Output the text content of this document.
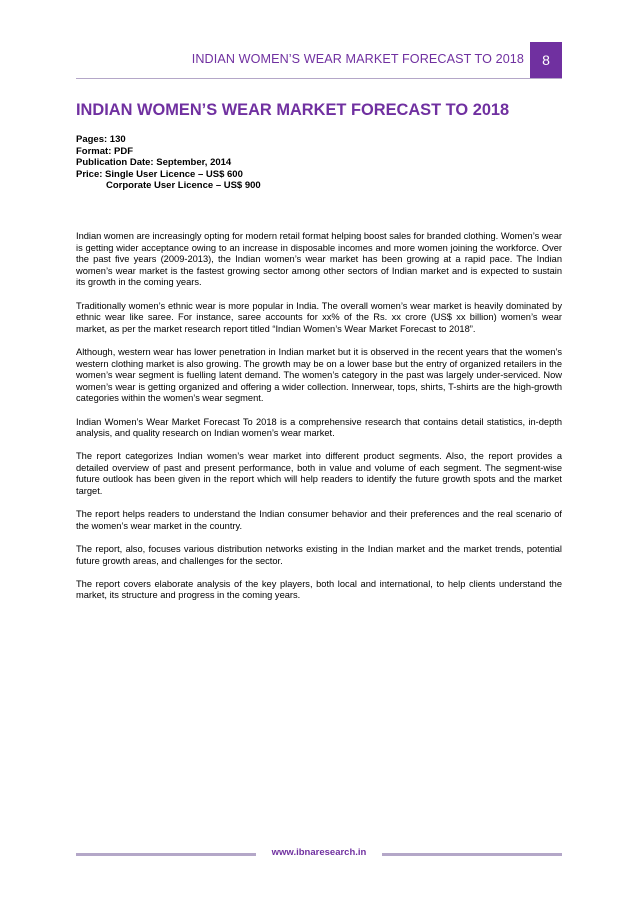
INDIAN WOMEN’S WEAR MARKET FORECAST TO 2018 8
INDIAN WOMEN’S WEAR MARKET FORECAST TO 2018
Pages: 130
Format: PDF
Publication Date: September, 2014
Price: Single User Licence – US$ 600
Corporate User Licence – US$ 900

Indian women are increasingly opting for modern retail format helping boost sales for branded clothing. Women’s wear is getting wider acceptance owing to an increase in disposable incomes and more women joining the workforce. Over the past five years (2009-2013), the Indian women’s wear market has been growing at a rapid pace. The Indian women’s wear market is the fastest growing sector among other sectors of Indian market and is expected to sustain its growth in the coming years.

Traditionally women’s ethnic wear is more popular in India. The overall women’s wear market is heavily dominated by ethnic wear like saree. For instance, saree accounts for xx% of the Rs. xx crore (US$ xx billion) women’s wear market, as per the market research report titled “Indian Women’s Wear Market Forecast to 2018”.

Although, western wear has lower penetration in Indian market but it is observed in the recent years that the women’s western clothing market is also growing. The growth may be on a lower base but the entry of organized retailers in the women’s wear segment is fuelling latent demand. The women’s category in the past was largely under-serviced. Now women’s wear is getting organized and offering a wider collection. Innerwear, tops, shirts, T-shirts are the high-growth categories within the women’s wear segment.

Indian Women’s Wear Market Forecast To 2018 is a comprehensive research that contains detail statistics, in-depth analysis, and quality research on Indian women’s wear market.

The report categorizes Indian women’s wear market into different product segments. Also, the report provides a detailed overview of past and present performance, both in value and volume of each segment. The segment-wise future outlook has been given in the report which will help readers to identify the future growth spots and the market target.

The report helps readers to understand the Indian consumer behavior and their preferences and the real scenario of the women’s wear market in the country.

The report, also, focuses various distribution networks existing in the Indian market and the market trends, potential future growth areas, and challenges for the sector.

The report covers elaborate analysis of the key players, both local and international, to help clients understand the market, its structure and progress in the coming years.

www.ibnaresearch.in
